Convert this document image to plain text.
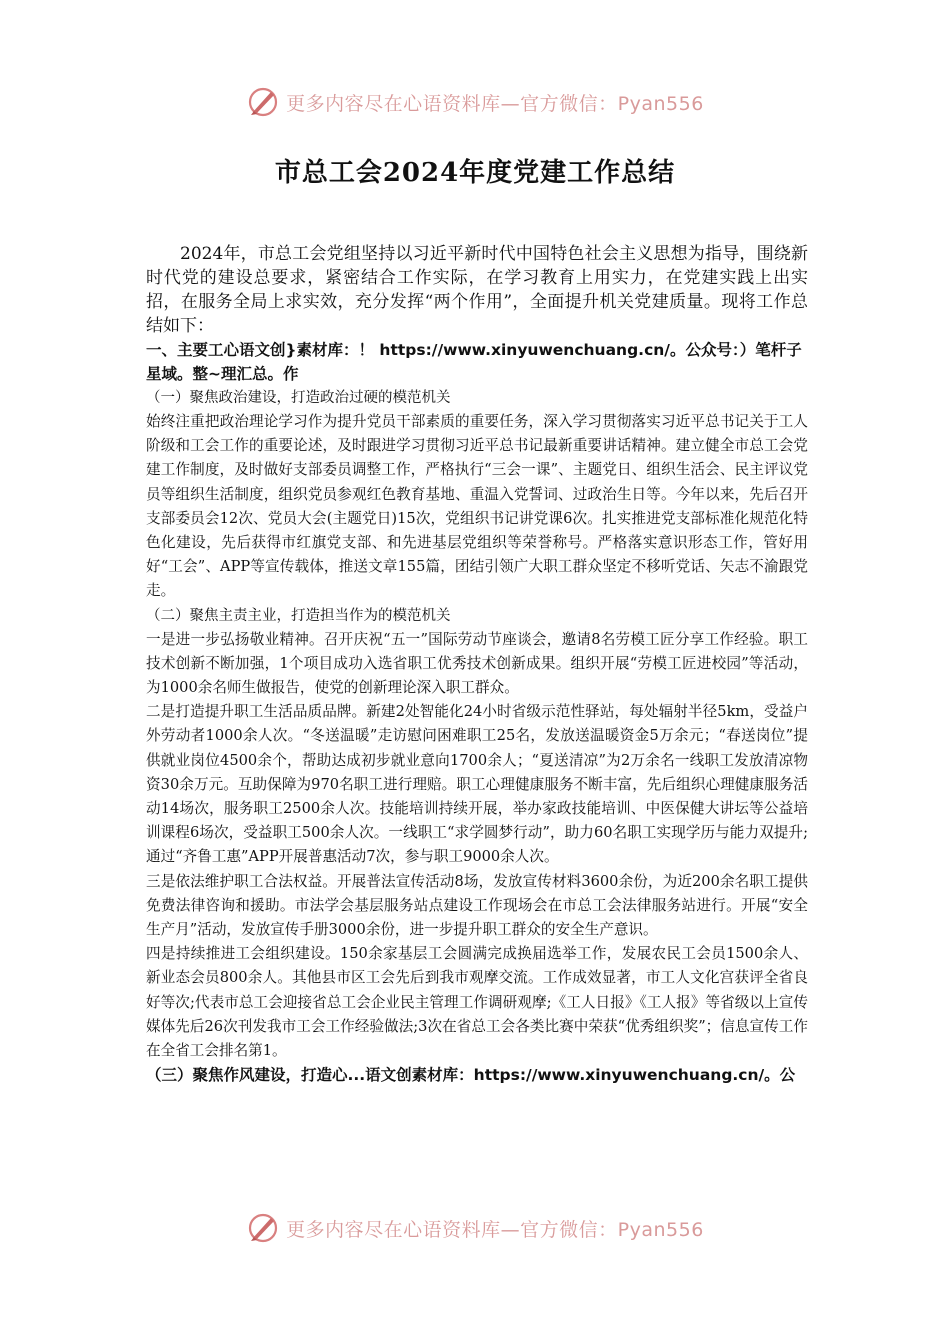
更多内容尽在心语资料库—官方微信：Pyan556
市总工会2024年度党建工作总结

2024年，市总工会党组坚持以习近平新时代中国特色社会主义思想为指导，围绕新时代党的建设总要求，紧密结合工作实际，在学习教育上用实力，在党建实践上出实招，在服务全局上求实效，充分发挥“两个作用”，全面提升机关党建质量。现将工作总结如下：

一、主要工心语文创}素材库：！ https://www.xinyuwenchuang.cn/。公众号：）笔杆子星域。整~理汇总。作

（一）聚焦政治建设，打造政治过硬的模范机关

始终注重把政治理论学习作为提升党员干部素质的重要任务，深入学习贯彻落实习近平总书记关于工人阶级和工会工作的重要论述，及时跟进学习贯彻习近平总书记最新重要讲话精神。建立健全市总工会党建工作制度，及时做好支部委员调整工作，严格执行“三会一课”、主题党日、组织生活会、民主评议党员等组织生活制度，组织党员参观红色教育基地、重温入党誓词、过政治生日等。今年以来，先后召开支部委员会12次、党员大会(主题党日)15次，党组织书记讲党课6次。扎实推进党支部标准化规范化特色化建设，先后获得市红旗党支部、和先进基层党组织等荣誉称号。严格落实意识形态工作，管好用好“工会”、APP等宣传载体，推送文章155篇，团结引领广大职工群众坚定不移听党话、矢志不渝跟党走。

（二）聚焦主责主业，打造担当作为的模范机关

一是进一步弘扬敬业精神。召开庆祝“五一”国际劳动节座谈会，邀请8名劳模工匠分享工作经验。职工技术创新不断加强，1个项目成功入选省职工优秀技术创新成果。组织开展“劳模工匠进校园”等活动，为1000余名师生做报告，使党的创新理论深入职工群众。

二是打造提升职工生活品质品牌。新建2处智能化24小时省级示范性驿站，每处辐射半径5km，受益户外劳动者1000余人次。“冬送温暖”走访慰问困难职工25名，发放送温暖资金5万余元；“春送岗位”提供就业岗位4500余个，帮助达成初步就业意向1700余人；“夏送清凉”为2万余名一线职工发放清凉物资30余万元。互助保障为970名职工进行理赔。职工心理健康服务不断丰富，先后组织心理健康服务活动14场次，服务职工2500余人次。技能培训持续开展，举办家政技能培训、中医保健大讲坛等公益培训课程6场次，受益职工500余人次。一线职工“求学圆梦行动”，助力60名职工实现学历与能力双提升;通过“齐鲁工惠”APP开展普惠活动7次，参与职工9000余人次。

三是依法维护职工合法权益。开展普法宣传活动8场，发放宣传材料3600余份，为近200余名职工提供免费法律咨询和援助。市法学会基层服务站点建设工作现场会在市总工会法律服务站进行。开展“安全生产月”活动，发放宣传手册3000余份，进一步提升职工群众的安全生产意识。

四是持续推进工会组织建设。150余家基层工会圆满完成换届选举工作，发展农民工会员1500余人、新业态会员800余人。其他县市区工会先后到我市观摩交流。工作成效显著，市工人文化宫获评全省良好等次;代表市总工会迎接省总工会企业民主管理工作调研观摩;《工人日报》《工人报》等省级以上宣传媒体先后26次刊发我市工会工作经验做法;3次在省总工会各类比赛中荣获“优秀组织奖”；信息宣传工作在全省工会排名第1。

（三）聚焦作风建设，打造心...语文创素材库：https://www.xinyuwenchuang.cn/。公

更多内容尽在心语资料库—官方微信：Pyan556
